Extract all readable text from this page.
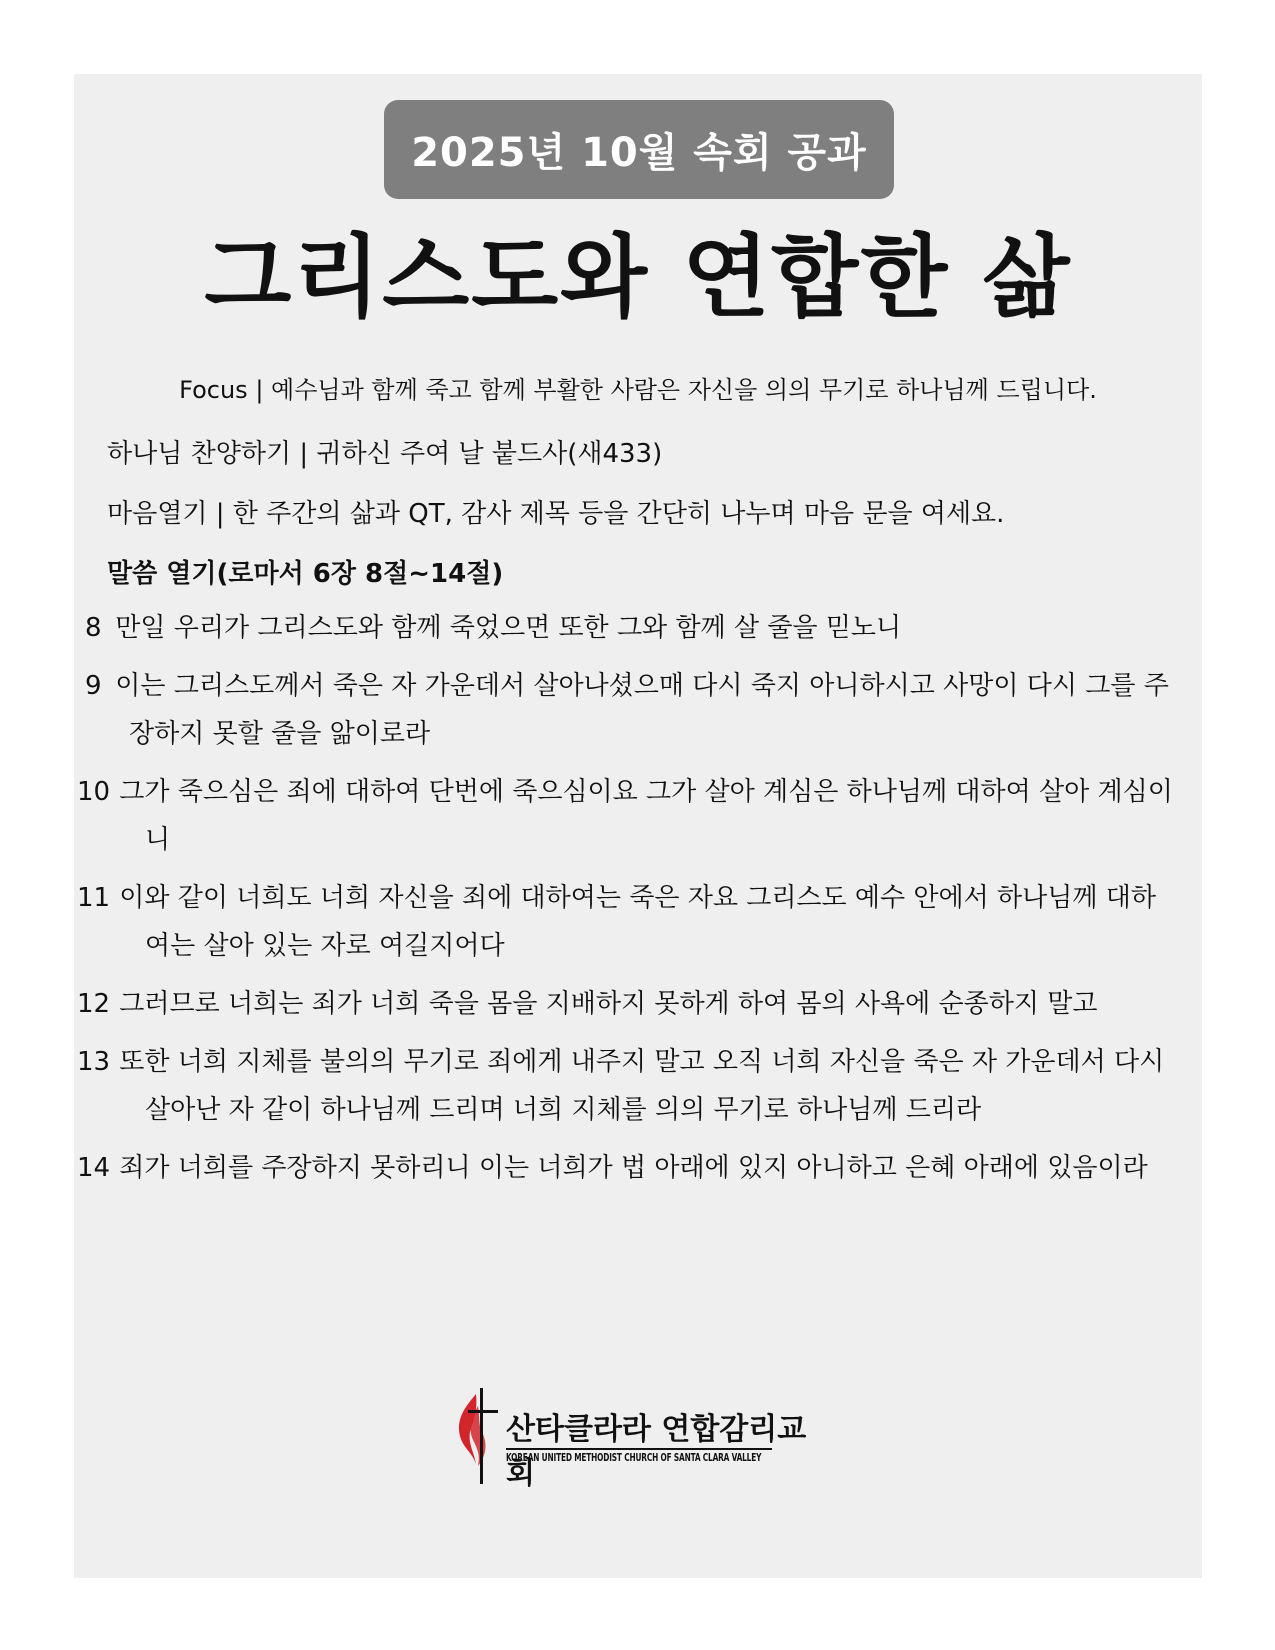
2025년 10월 속회 공과
그리스도와 연합한 삶

Focus | 예수님과 함께 죽고 함께 부활한 사람은 자신을 의의 무기로 하나님께 드립니다.

하나님 찬양하기 | 귀하신 주여 날 붙드사(새433)

마음열기 | 한 주간의 삶과 QT, 감사 제목 등을 간단히 나누며 마음 문을 여세요.

말씀 열기(로마서 6장 8절~14절)

8 만일 우리가 그리스도와 함께 죽었으면 또한 그와 함께 살 줄을 믿노니

9 이는 그리스도께서 죽은 자 가운데서 살아나셨으매 다시 죽지 아니하시고 사망이 다시 그를 주장하지 못할 줄을 앎이로라

10 그가 죽으심은 죄에 대하여 단번에 죽으심이요 그가 살아 계심은 하나님께 대하여 살아 계심이니

11 이와 같이 너희도 너희 자신을 죄에 대하여는 죽은 자요 그리스도 예수 안에서 하나님께 대하여는 살아 있는 자로 여길지어다

12 그러므로 너희는 죄가 너희 죽을 몸을 지배하지 못하게 하여 몸의 사욕에 순종하지 말고

13 또한 너희 지체를 불의의 무기로 죄에게 내주지 말고 오직 너희 자신을 죽은 자 가운데서 다시 살아난 자 같이 하나님께 드리며 너희 지체를 의의 무기로 하나님께 드리라

14 죄가 너희를 주장하지 못하리니 이는 너희가 법 아래에 있지 아니하고 은혜 아래에 있음이라

산타클라라 연합감리교회
KOREAN UNITED METHODIST CHURCH OF SANTA CLARA VALLEY
